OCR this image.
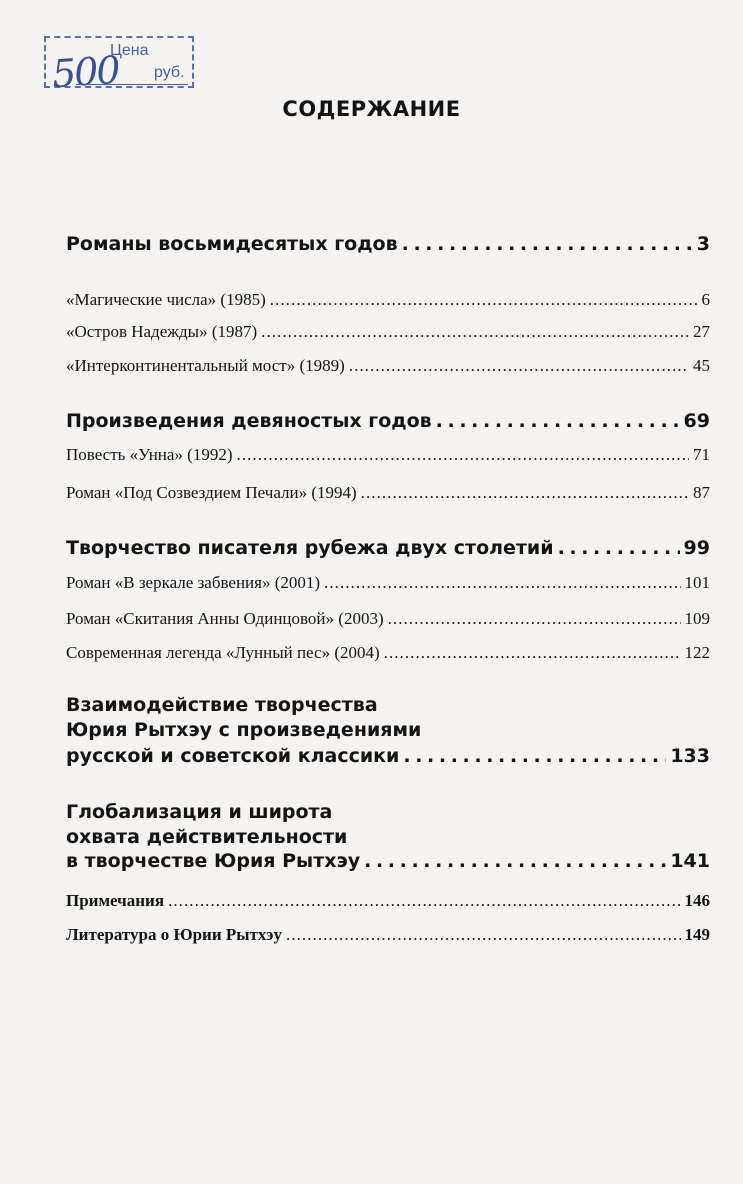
Цена
500 руб.
СОДЕРЖАНИЕ
Романы восьмидесятых годов . . .	3
«Магические числа» (1985) . . .	6
«Остров Надежды» (1987) . . .	27
«Интерконтинентальный мост» (1989) . . .	45
Произведения девяностых годов . . .	69
Повесть «Унна» (1992) . . .	71
Роман «Под Созвездием Печали» (1994) . . .	87
Творчество писателя рубежа двух столетий . . .	99
Роман «В зеркале забвения» (2001) . . .	101
Роман «Скитания Анны Одинцовой» (2003) . . .	109
Современная легенда «Лунный пес» (2004) . . .	122
Взаимодействие творчества
Юрия Рытхэу с произведениями
русской и советской классики . . .	133
Глобализация и широта
охвата действительности
в творчестве Юрия Рытхэу . . .	141
Примечания . . .	146
Литература о Юрии Рытхэу . . .	149
